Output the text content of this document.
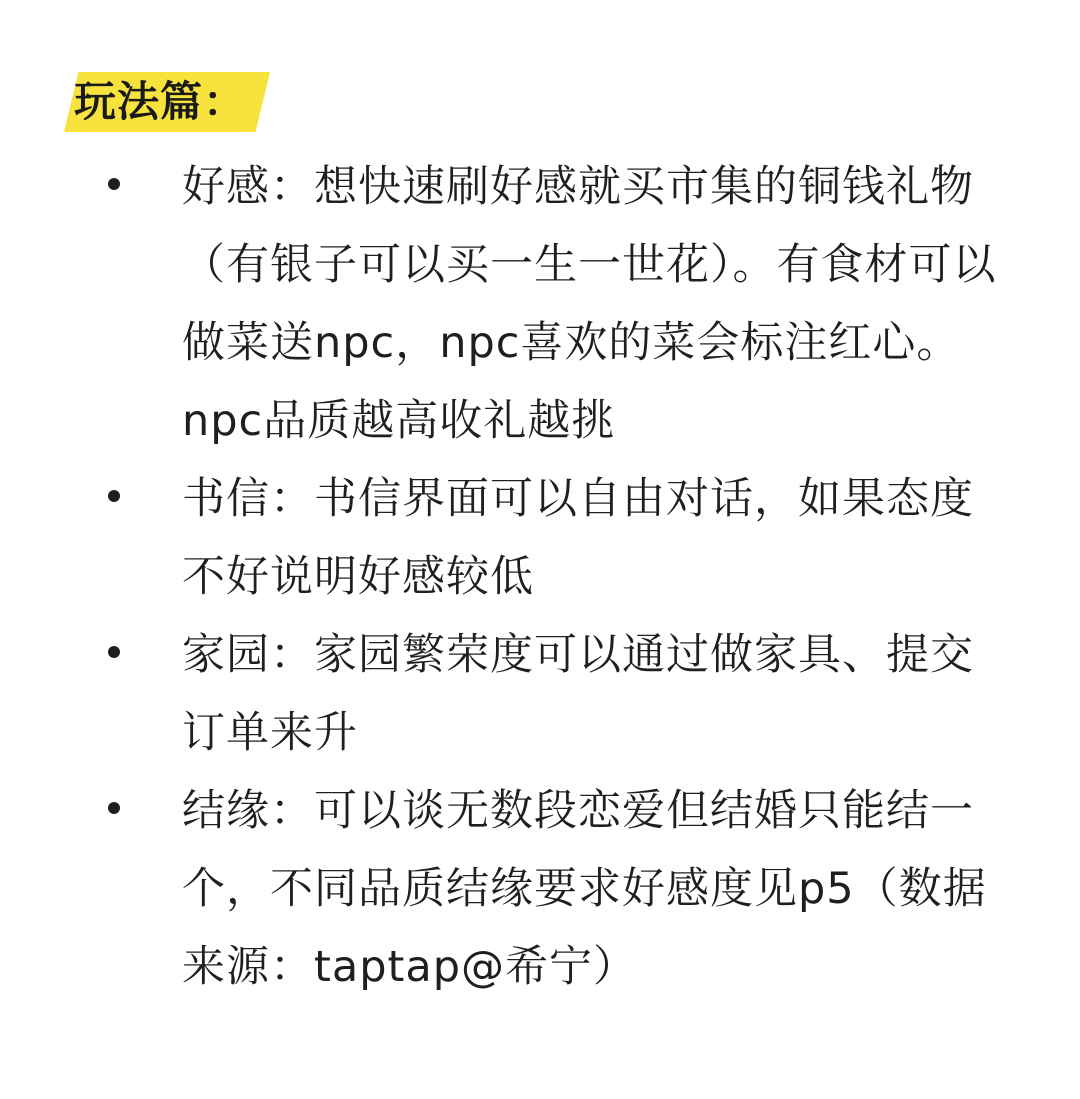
玩法篇：
好感：想快速刷好感就买市集的铜钱礼物（有银子可以买一生一世花）。有食材可以做菜送npc，npc喜欢的菜会标注红心。npc品质越高收礼越挑
书信：书信界面可以自由对话，如果态度不好说明好感较低
家园：家园繁荣度可以通过做家具、提交订单来升
结缘：可以谈无数段恋爱但结婚只能结一个，不同品质结缘要求好感度见p5（数据来源：taptap@希宁）
